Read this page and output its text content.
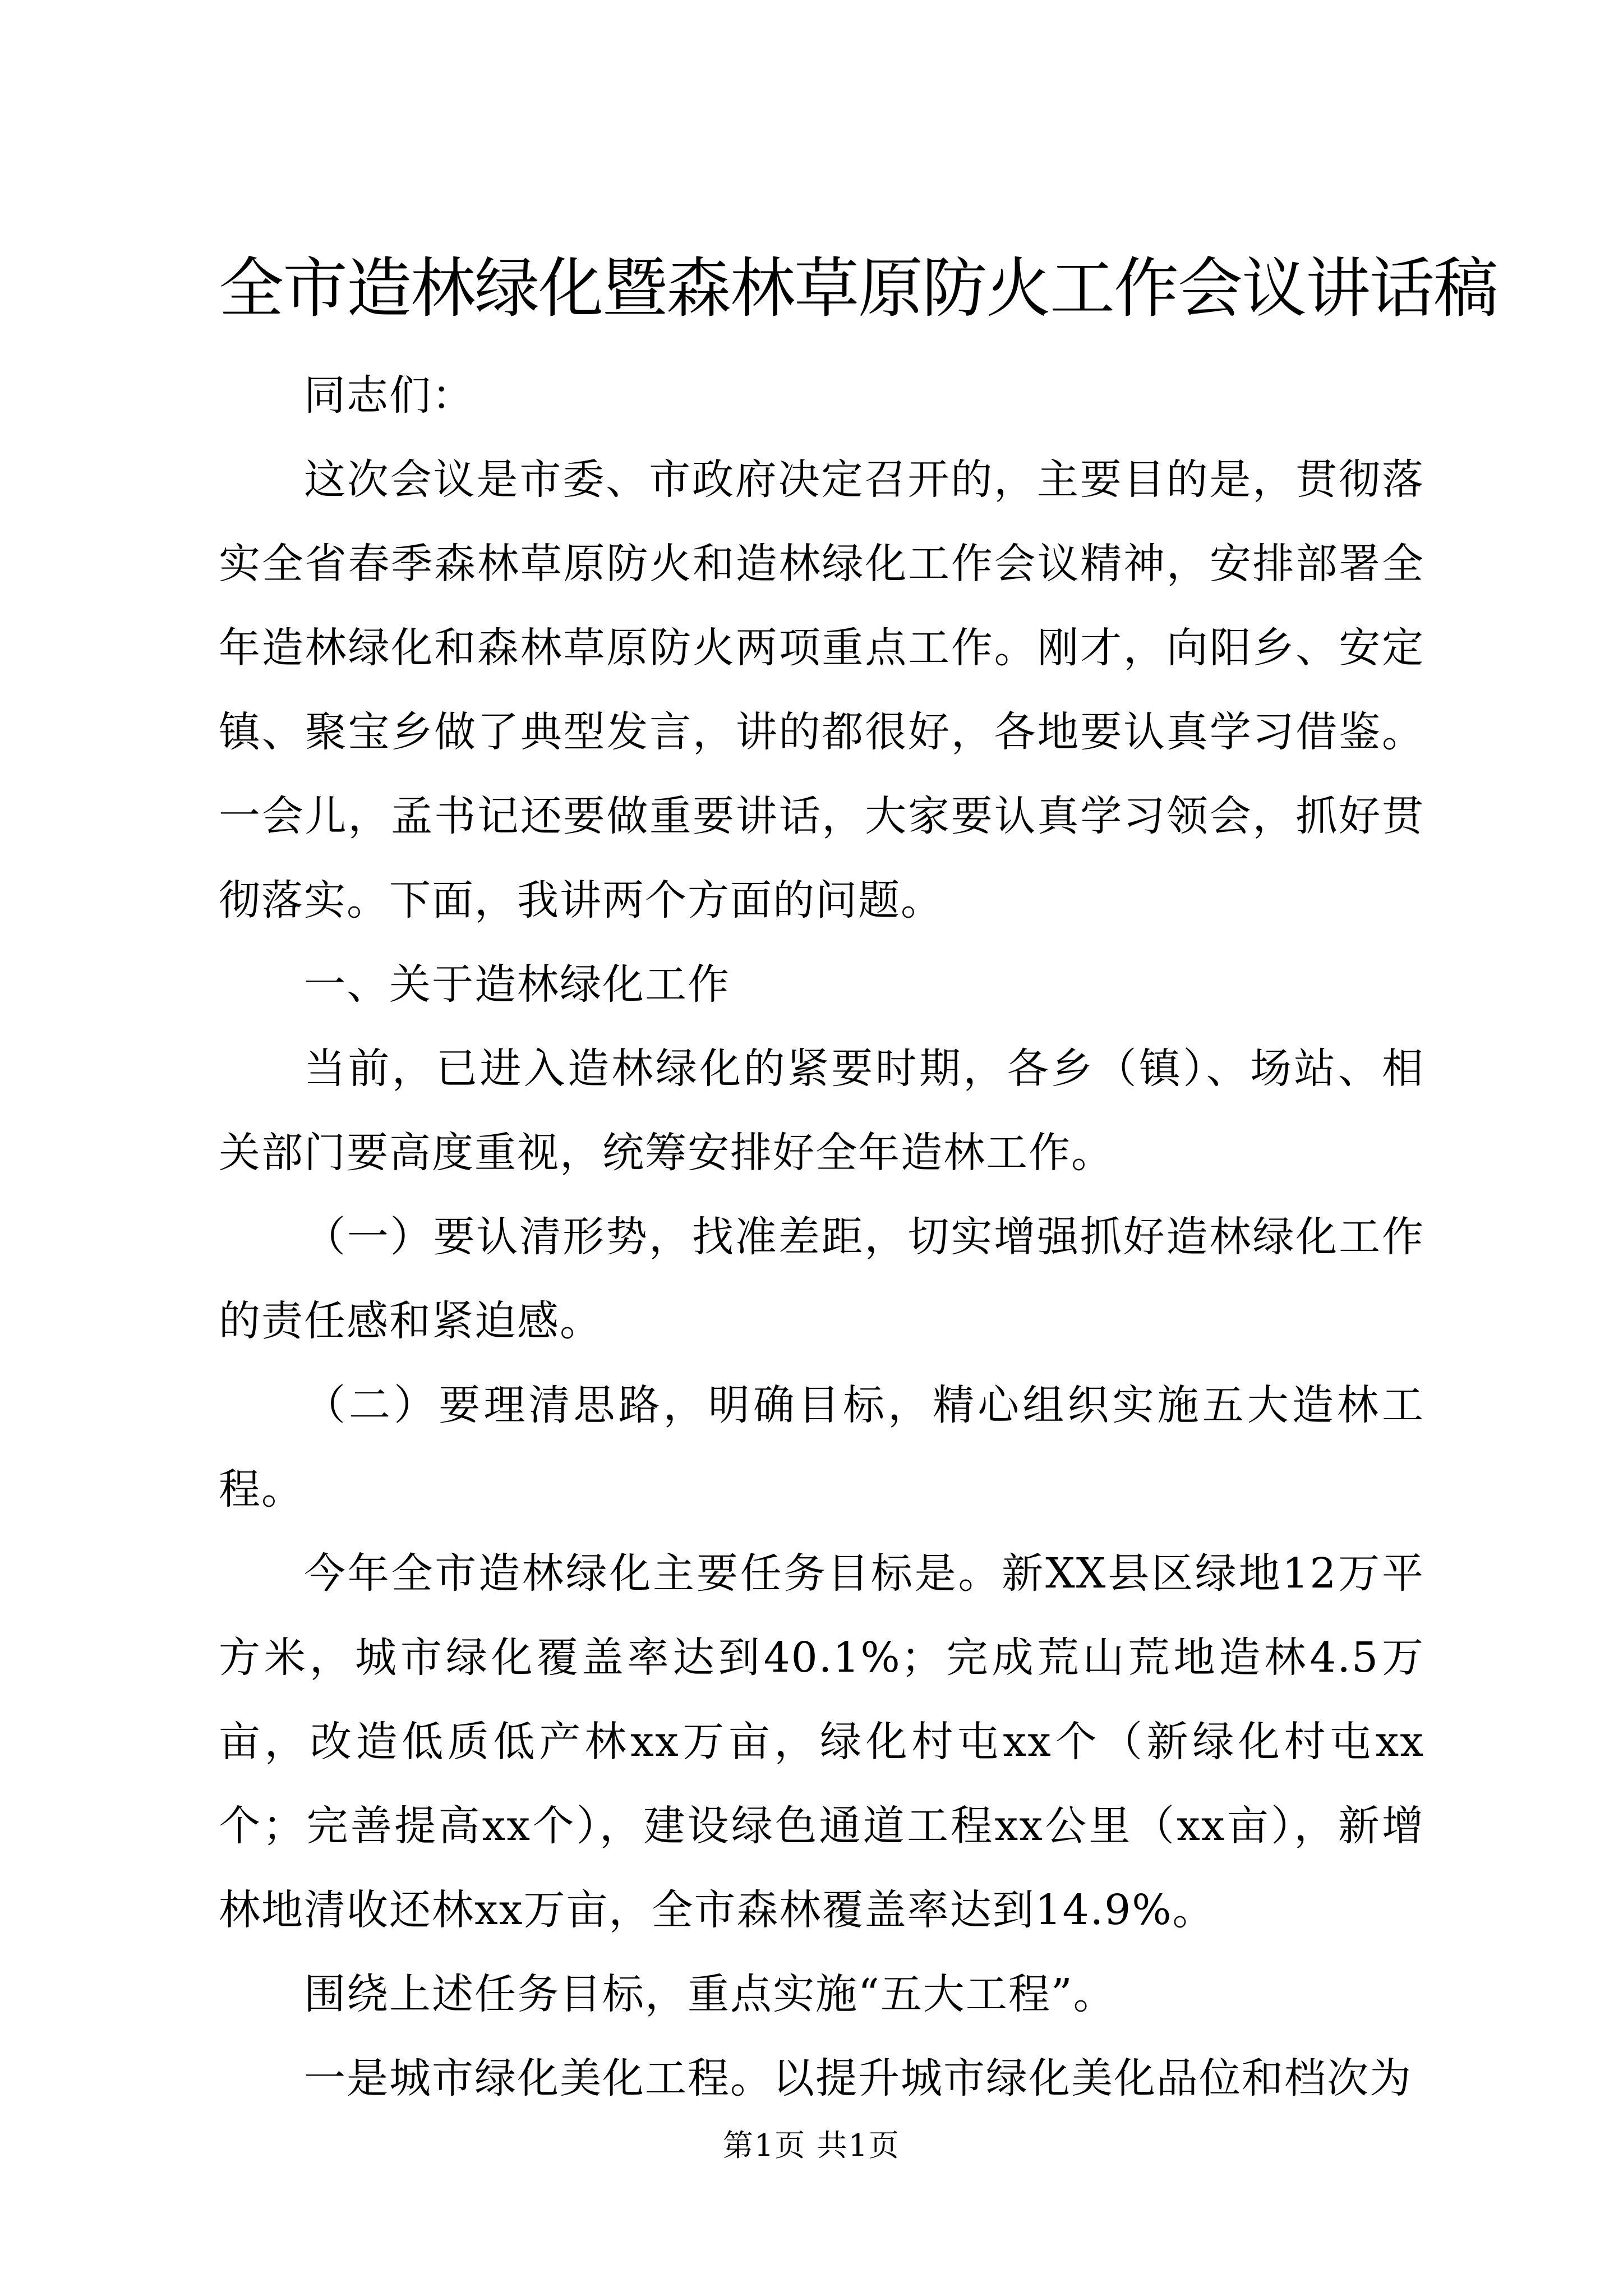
全市造林绿化暨森林草原防火工作会议讲话稿

同志们：

这次会议是市委、市政府决定召开的，主要目的是，贯彻落实全省春季森林草原防火和造林绿化工作会议精神，安排部署全年造林绿化和森林草原防火两项重点工作。刚才，向阳乡、安定镇、聚宝乡做了典型发言，讲的都很好，各地要认真学习借鉴。一会儿，孟书记还要做重要讲话，大家要认真学习领会，抓好贯彻落实。下面，我讲两个方面的问题。

一、关于造林绿化工作

当前，已进入造林绿化的紧要时期，各乡（镇）、场站、相关部门要高度重视，统筹安排好全年造林工作。

（一）要认清形势，找准差距，切实增强抓好造林绿化工作的责任感和紧迫感。

（二）要理清思路，明确目标，精心组织实施五大造林工程。

今年全市造林绿化主要任务目标是。新XX县区绿地12万平方米，城市绿化覆盖率达到40.1%；完成荒山荒地造林4.5万亩，改造低质低产林xx万亩，绿化村屯xx个（新绿化村屯xx个；完善提高xx个），建设绿色通道工程xx公里（xx亩），新增林地清收还林xx万亩，全市森林覆盖率达到14.9%。

围绕上述任务目标，重点实施“五大工程”。

一是城市绿化美化工程。以提升城市绿化美化品位和档次为

第1页 共1页
